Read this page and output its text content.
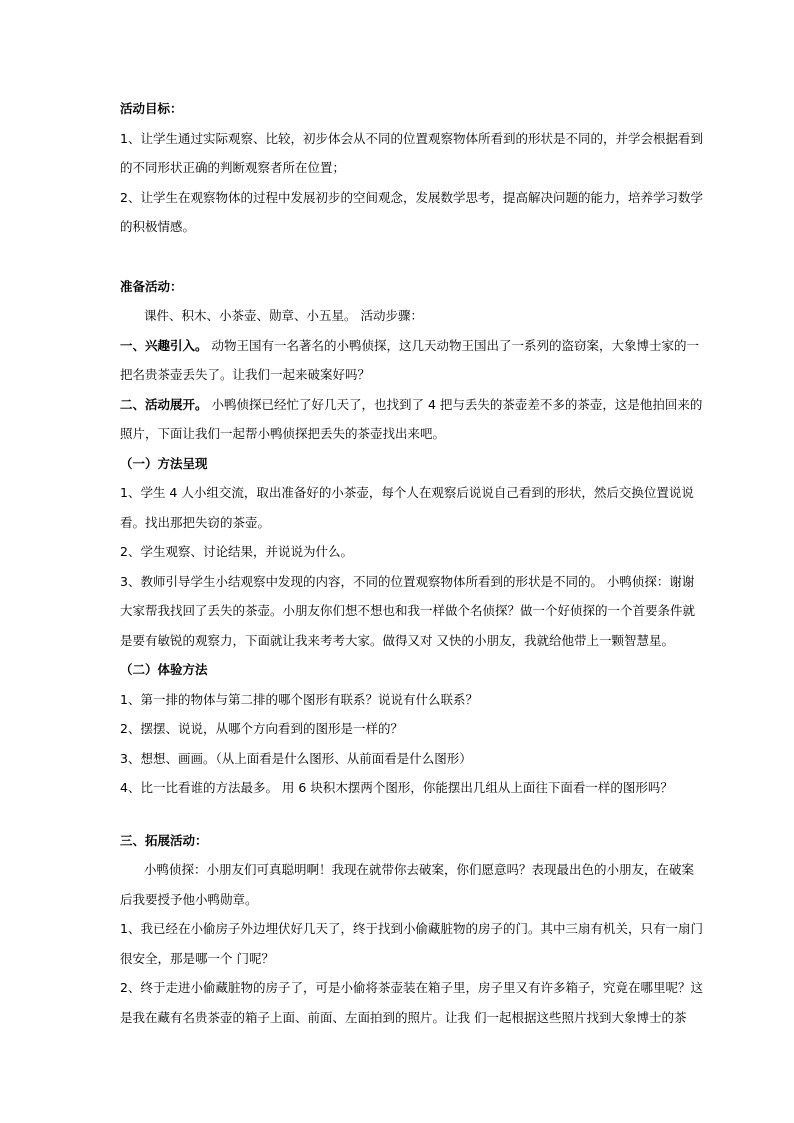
活动目标：
1、让学生通过实际观察、比较，初步体会从不同的位置观察物体所看到的形状是不同的，并学会根据看到
的不同形状正确的判断观察者所在位置；
2、让学生在观察物体的过程中发展初步的空间观念，发展数学思考，提高解决问题的能力，培养学习数学
的积极情感。
准备活动：
课件、积木、小茶壶、勋章、小五星。 活动步骤：
一、兴趣引入。 动物王国有一名著名的小鸭侦探，这几天动物王国出了一系列的盗窃案，大象博士家的一
把名贵茶壶丢失了。让我们一起来破案好吗？
二、活动展开。 小鸭侦探已经忙了好几天了，也找到了 4 把与丢失的茶壶差不多的茶壶，这是他拍回来的
照片，下面让我们一起帮小鸭侦探把丢失的茶壶找出来吧。
（一）方法呈现
1、学生 4 人小组交流，取出准备好的小茶壶，每个人在观察后说说自己看到的形状，然后交换位置说说
看。找出那把失窃的茶壶。
2、学生观察、讨论结果，并说说为什么。
3、教师引导学生小结观察中发现的内容，不同的位置观察物体所看到的形状是不同的。 小鸭侦探：谢谢
大家帮我找回了丢失的茶壶。小朋友你们想不想也和我一样做个名侦探？做一个好侦探的一个首要条件就
是要有敏锐的观察力，下面就让我来考考大家。做得又对 又快的小朋友，我就给他带上一颗智慧星。
（二）体验方法
1、第一排的物体与第二排的哪个图形有联系？说说有什么联系？
2、摆摆、说说，从哪个方向看到的图形是一样的？
3、想想、画画。（从上面看是什么图形、从前面看是什么图形）
4、比一比看谁的方法最多。 用 6 块积木摆两个图形，你能摆出几组从上面往下面看一样的图形吗？
三、拓展活动：
小鸭侦探：小朋友们可真聪明啊！我现在就带你去破案，你们愿意吗？表现最出色的小朋友，在破案
后我要授予他小鸭勋章。
1、我已经在小偷房子外边埋伏好几天了，终于找到小偷藏脏物的房子的门。其中三扇有机关，只有一扇门
很安全，那是哪一个 门呢？
2、终于走进小偷藏脏物的房子了，可是小偷将茶壶装在箱子里，房子里又有许多箱子，究竟在哪里呢？这
是我在藏有名贵茶壶的箱子上面、前面、左面拍到的照片。让我 们一起根据这些照片找到大象博士的茶
